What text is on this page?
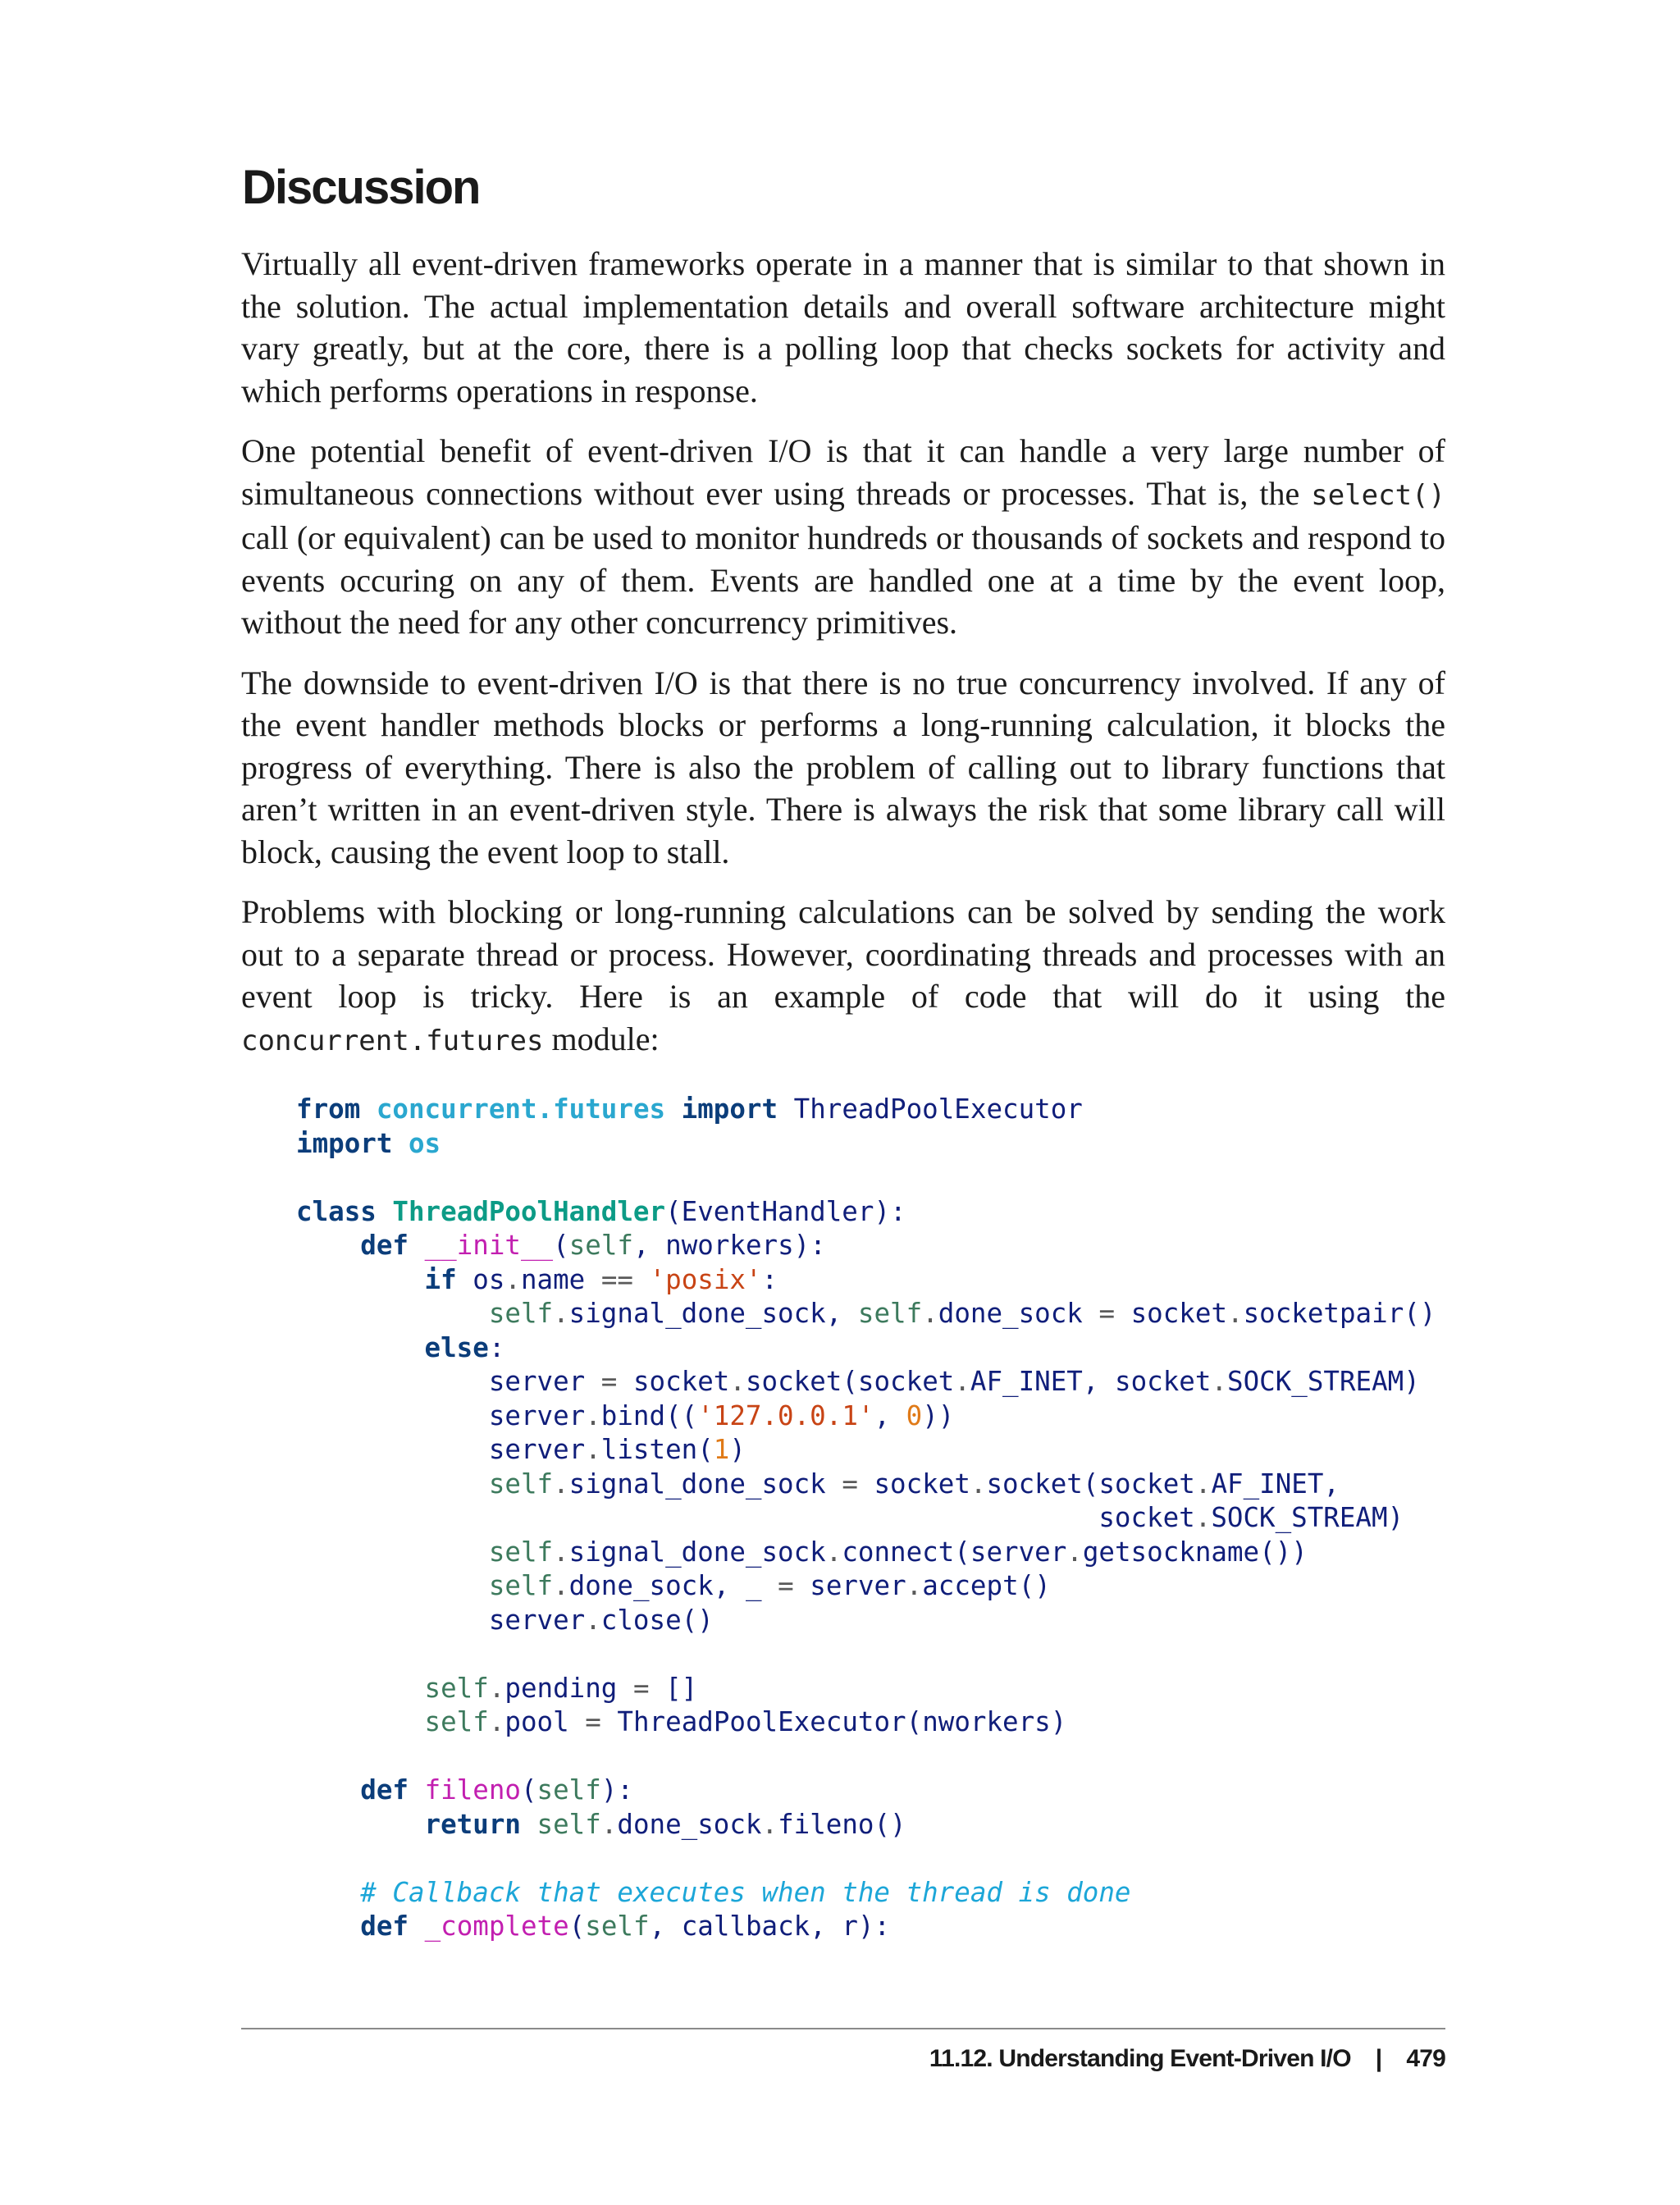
Discussion

Virtually all event-driven frameworks operate in a manner that is similar to that shown in the solution. The actual implementation details and overall software architecture might vary greatly, but at the core, there is a polling loop that checks sockets for activity and which performs operations in response.

One potential benefit of event-driven I/O is that it can handle a very large number of simultaneous connections without ever using threads or processes. That is, the select() call (or equivalent) can be used to monitor hundreds or thousands of sockets and respond to events occuring on any of them. Events are handled one at a time by the event loop, without the need for any other concurrency primitives.

The downside to event-driven I/O is that there is no true concurrency involved. If any of the event handler methods blocks or performs a long-running calculation, it blocks the progress of everything. There is also the problem of calling out to library functions that aren’t written in an event-driven style. There is always the risk that some library call will block, causing the event loop to stall.

Problems with blocking or long-running calculations can be solved by sending the work out to a separate thread or process. However, coordinating threads and processes with an event loop is tricky. Here is an example of code that will do it using the concurrent.futures module:

from concurrent.futures import ThreadPoolExecutor
import os

class ThreadPoolHandler(EventHandler):
def __init__(self, nworkers):
if os.name == 'posix':
self.signal_done_sock, self.done_sock = socket.socketpair()
else:
server = socket.socket(socket.AF_INET, socket.SOCK_STREAM)
server.bind(('127.0.0.1', 0))
server.listen(1)
self.signal_done_sock = socket.socket(socket.AF_INET,
socket.SOCK_STREAM)
self.signal_done_sock.connect(server.getsockname())
self.done_sock, _ = server.accept()
server.close()

self.pending = []
self.pool = ThreadPoolExecutor(nworkers)

def fileno(self):
return self.done_sock.fileno()

# Callback that executes when the thread is done
def _complete(self, callback, r):
11.12. Understanding Event-Driven I/O | 479
